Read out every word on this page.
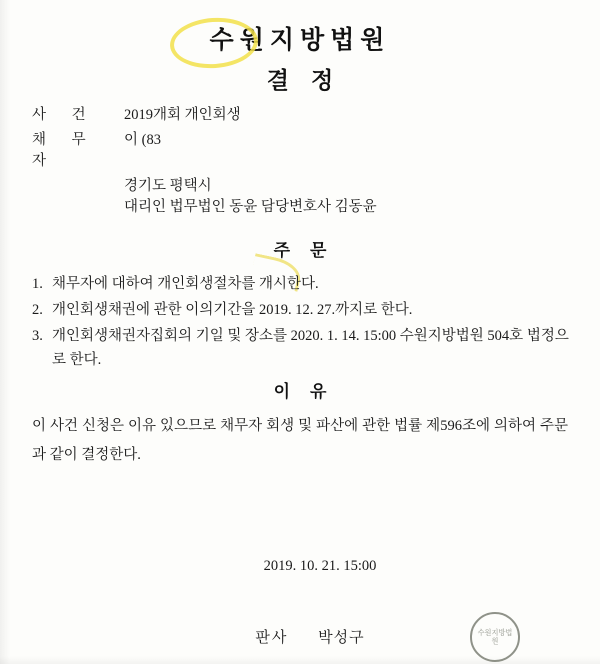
수원지방법원
결정
사 건	2019개회 개인회생
채 무 자
이 (83
경기도 평택시
대리인 법무법인 동윤 담당변호사 김동윤
주문
1. 채무자에 대하여 개인회생절차를 개시한다.
2. 개인회생채권에 관한 이의기간을 2019. 12. 27.까지로 한다.
3. 개인회생채권자집회의 기일 및 장소를 2020. 1. 14. 15:00 수원지방법원 504호 법정으로 한다.
이유
이 사건 신청은 이유 있으므로 채무자 회생 및 파산에 관한 법률 제596조에 의하여 주문과 같이 결정한다.
2019. 10. 21. 15:00
판사 박성구	수원지방법원
